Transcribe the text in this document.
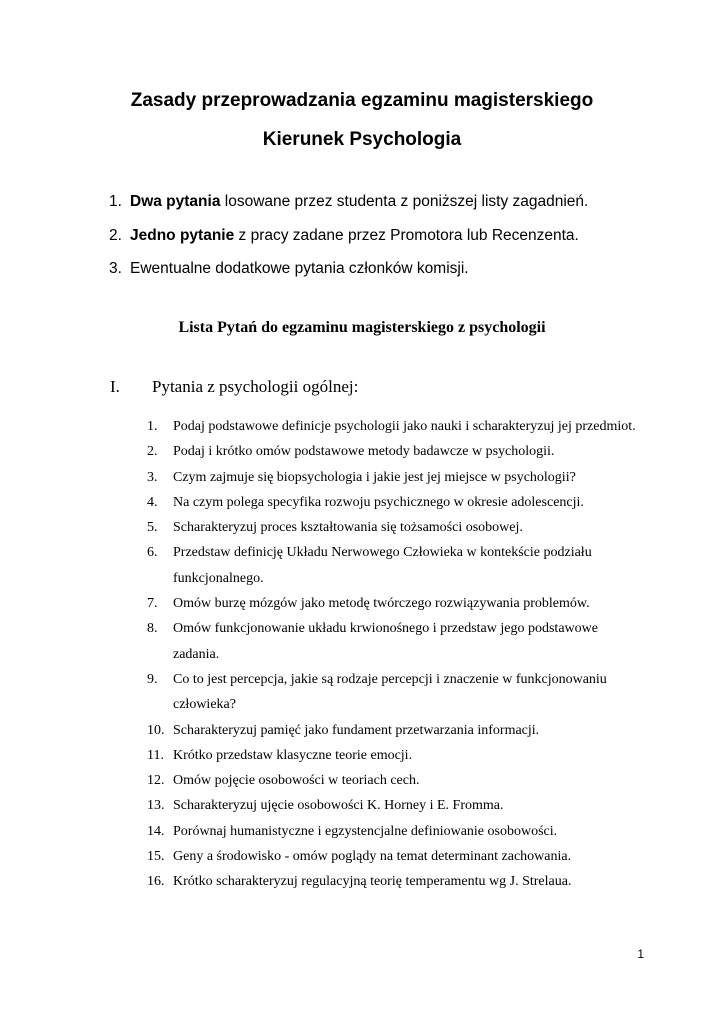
Zasady przeprowadzania egzaminu magisterskiego
Kierunek Psychologia
1. Dwa pytania losowane przez studenta z poniższej listy zagadnień.
2. Jedno pytanie z pracy zadane przez Promotora lub Recenzenta.
3. Ewentualne dodatkowe pytania członków komisji.
Lista Pytań do egzaminu magisterskiego z psychologii
I. Pytania z psychologii ogólnej:
1.	Podaj podstawowe definicje psychologii jako nauki i scharakteryzuj jej przedmiot.
2.	Podaj i krótko omów podstawowe metody badawcze w psychologii.
3.	Czym zajmuje się biopsychologia i jakie jest jej miejsce w psychologii?
4.	Na czym polega specyfika rozwoju psychicznego w okresie adolescencji.
5.	Scharakteryzuj proces kształtowania się tożsamości osobowej.
6.	Przedstaw definicję Układu Nerwowego Człowieka w kontekście podziału funkcjonalnego.
7.	Omów burzę mózgów jako metodę twórczego rozwiązywania problemów.
8.	Omów funkcjonowanie układu krwionośnego i przedstaw jego podstawowe zadania.
9.	Co to jest percepcja, jakie są rodzaje percepcji i znaczenie w funkcjonowaniu człowieka?
10. Scharakteryzuj pamięć jako fundament przetwarzania informacji.
11. Krótko przedstaw klasyczne teorie emocji.
12. Omów pojęcie osobowości w teoriach cech.
13. Scharakteryzuj ujęcie osobowości K. Horney i E. Fromma.
14. Porównaj humanistyczne i egzystencjalne definiowanie osobowości.
15. Geny a środowisko - omów poglądy na temat determinant zachowania.
16. Krótko scharakteryzuj regulacyjną teorię temperamentu wg J. Strelaua.
1
